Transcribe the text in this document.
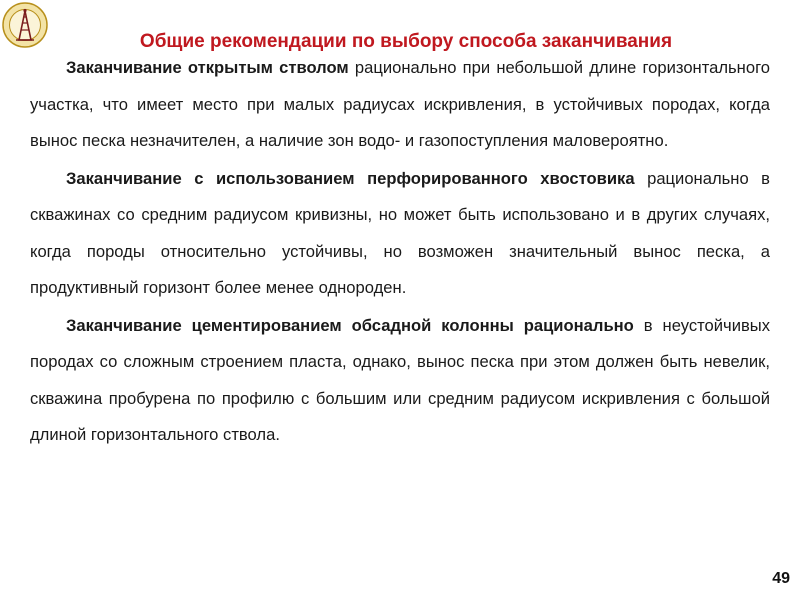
Общие рекомендации по выбору способа заканчивания

Заканчивание открытым стволом рационально при небольшой длине горизонтального участка, что имеет место при малых радиусах искривления, в устойчивых породах, когда вынос песка незначителен, а наличие зон водо- и газопоступления маловероятно.

Заканчивание с использованием перфорированного хвостовика рационально в скважинах со средним радиусом кривизны, но может быть использовано и в других случаях, когда породы относительно устойчивы, но возможен значительный вынос песка, а продуктивный горизонт более менее однороден.

Заканчивание цементированием обсадной колонны рационально в неустойчивых породах со сложным строением пласта, однако, вынос песка при этом должен быть невелик, скважина пробурена по профилю с большим или средним радиусом искривления с большой длиной горизонтального ствола.

49
